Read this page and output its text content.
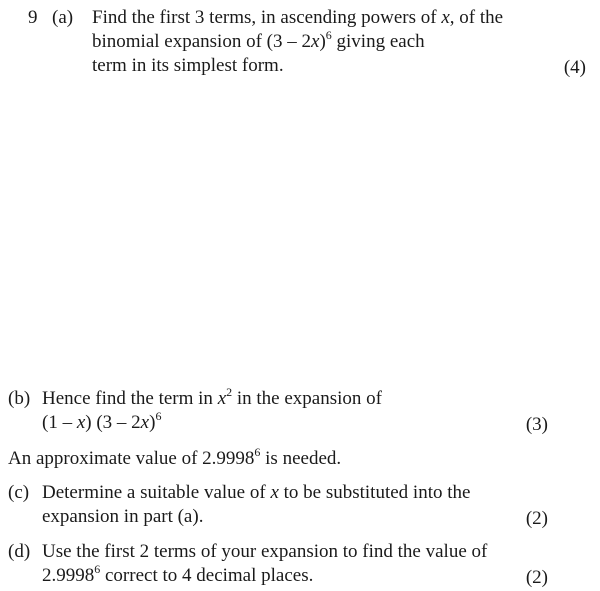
9 (a) Find the first 3 terms, in ascending powers of x, of the
binomial expansion of (3 – 2x)$^6$ giving each
term in its simplest form.	(4)
(b) Hence find the term in $x^2$ in the expansion of
(1 – x) (3 – 2x)$^6$	(3)
An approximate value of 2.9998$^6$ is needed.
(c) Determine a suitable value of x to be substituted into the
expansion in part (a).	(2)
(d) Use the first 2 terms of your expansion to find the value of
2.9998$^6$ correct to 4 decimal places.	(2)
